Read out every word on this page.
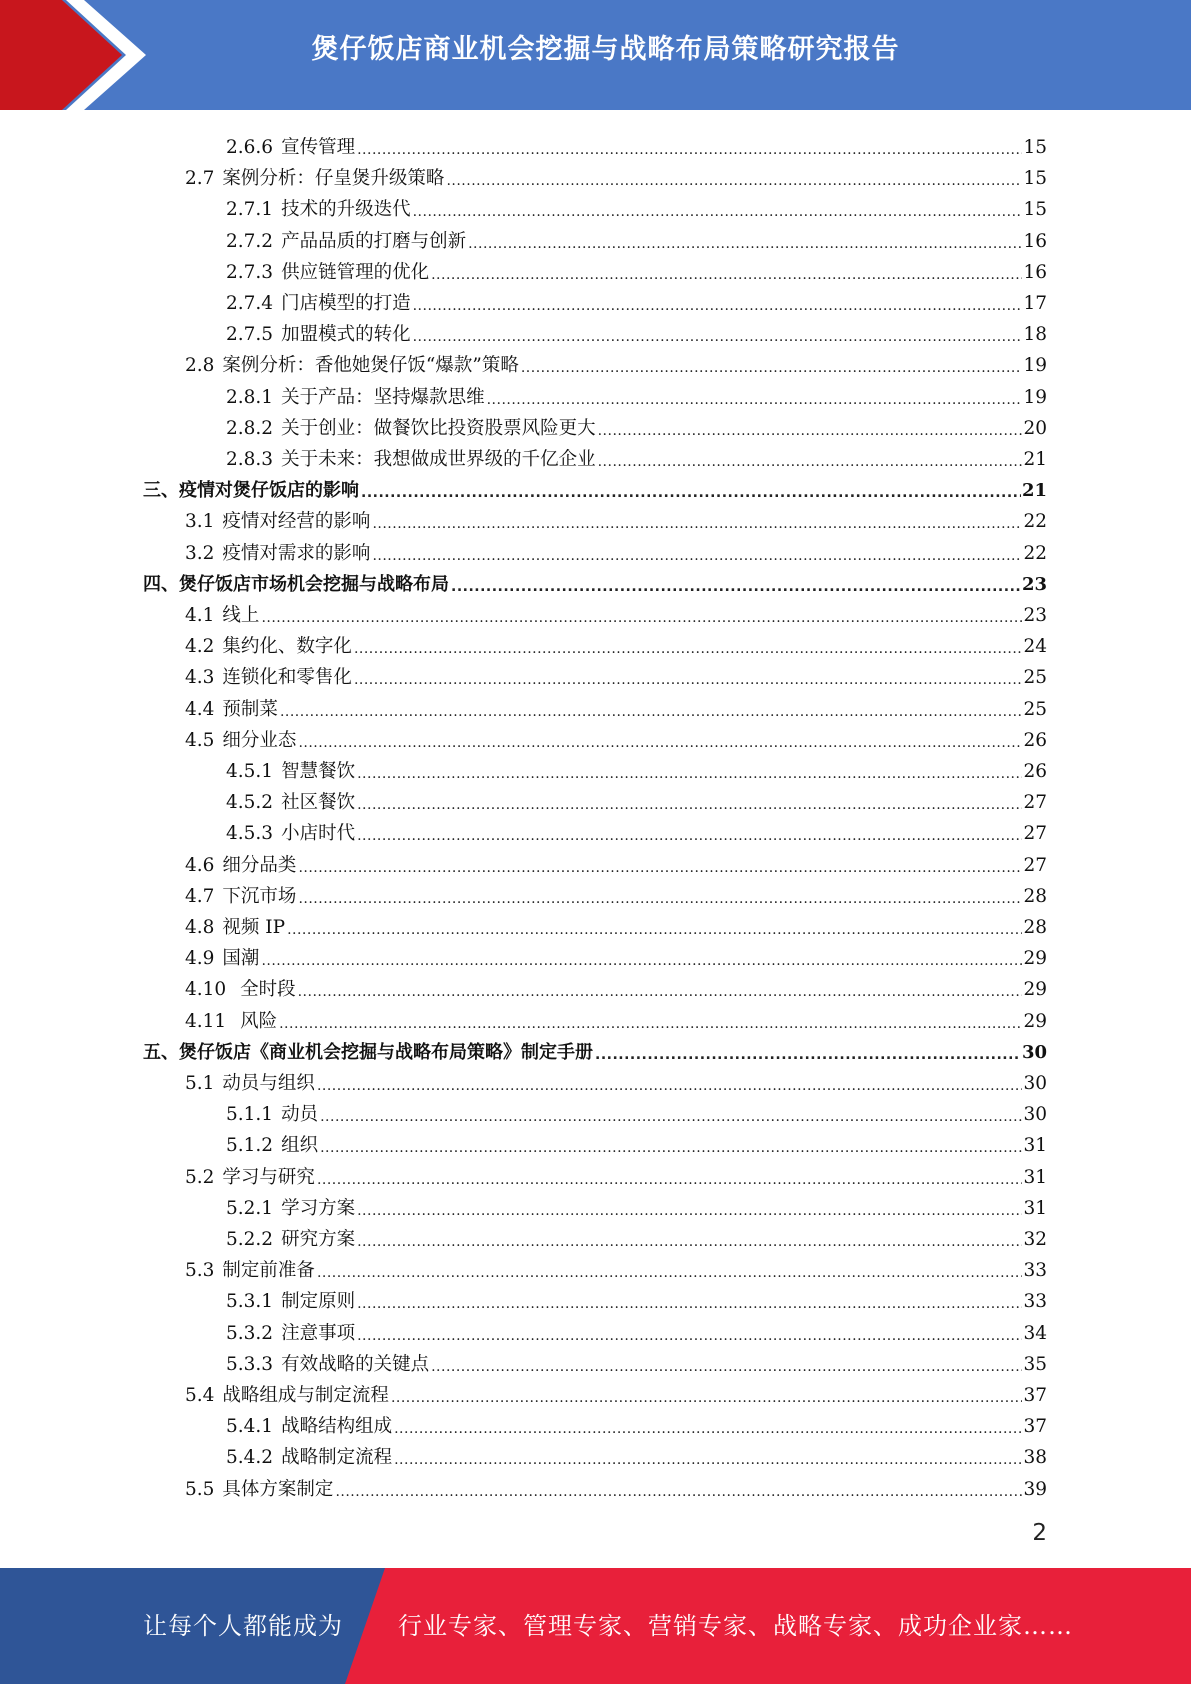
煲仔饭店商业机会挖掘与战略布局策略研究报告
2.6.6 宣传管理 .....	15
2.7 案例分析：仔皇煲升级策略 .....	15
2.7.1 技术的升级迭代 .....	15
2.7.2 产品品质的打磨与创新 .....	16
2.7.3 供应链管理的优化 .....	16
2.7.4 门店模型的打造 .....	17
2.7.5 加盟模式的转化 .....	18
2.8 案例分析：香他她煲仔饭“爆款”策略 .....	19
2.8.1 关于产品：坚持爆款思维 .....	19
2.8.2 关于创业：做餐饮比投资股票风险更大 .....	20
2.8.3 关于未来：我想做成世界级的千亿企业 .....	21
三、疫情对煲仔饭店的影响 .....	21
3.1 疫情对经营的影响 .....	22
3.2 疫情对需求的影响 .....	22
四、煲仔饭店市场机会挖掘与战略布局 .....	23
4.1 线上 .....	23
4.2 集约化、数字化 .....	24
4.3 连锁化和零售化 .....	25
4.4 预制菜 .....	25
4.5 细分业态 .....	26
4.5.1 智慧餐饮 .....	26
4.5.2 社区餐饮 .....	27
4.5.3 小店时代 .....	27
4.6 细分品类 .....	27
4.7 下沉市场 .....	28
4.8 视频 IP .....	28
4.9 国潮 .....	29
4.10 全时段 .....	29
4.11 风险 .....	29
五、煲仔饭店《商业机会挖掘与战略布局策略》制定手册 .....	30
5.1 动员与组织 .....	30
5.1.1 动员 .....	30
5.1.2 组织 .....	31
5.2 学习与研究 .....	31
5.2.1 学习方案 .....	31
5.2.2 研究方案 .....	32
5.3 制定前准备 .....	33
5.3.1 制定原则 .....	33
5.3.2 注意事项 .....	34
5.3.3 有效战略的关键点 .....	35
5.4 战略组成与制定流程 .....	37
5.4.1 战略结构组成 .....	37
5.4.2 战略制定流程 .....	38
5.5 具体方案制定 .....	39
2
让每个人都能成为 行业专家、管理专家、营销专家、战略专家、成功企业家……
